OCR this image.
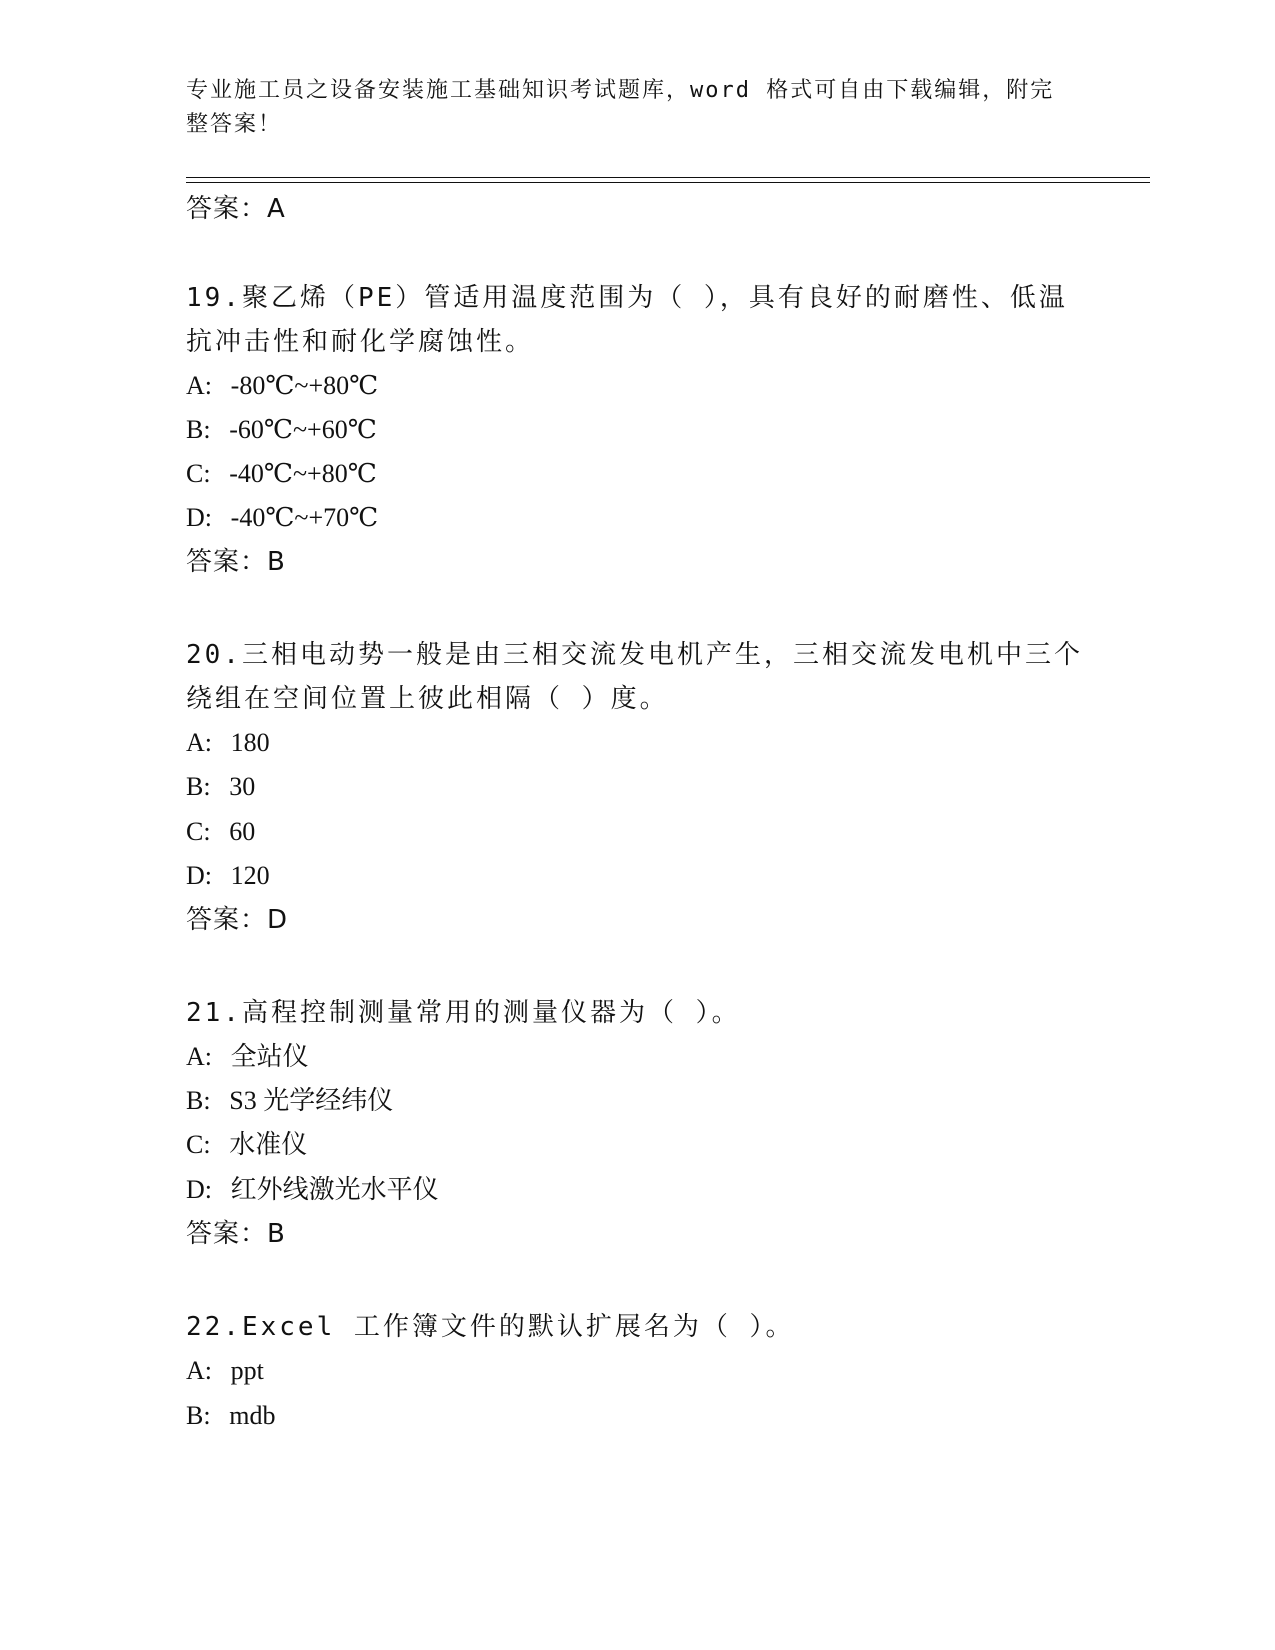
专业施工员之设备安装施工基础知识考试题库，word 格式可自由下载编辑，附完整答案！
答案：A
19.聚乙烯（PE）管适用温度范围为（ ），具有良好的耐磨性、低温
抗冲击性和耐化学腐蚀性。
A: -80℃~+80℃
B: -60℃~+60℃
C: -40℃~+80℃
D: -40℃~+70℃
答案：B
20.三相电动势一般是由三相交流发电机产生，三相交流发电机中三个
绕组在空间位置上彼此相隔（ ）度。
A: 180
B: 30
C: 60
D: 120
答案：D
21.高程控制测量常用的测量仪器为（ ）。
A: 全站仪
B: S3 光学经纬仪
C: 水准仪
D: 红外线激光水平仪
答案：B
22.Excel 工作簿文件的默认扩展名为（ ）。
A: ppt
B: mdb
